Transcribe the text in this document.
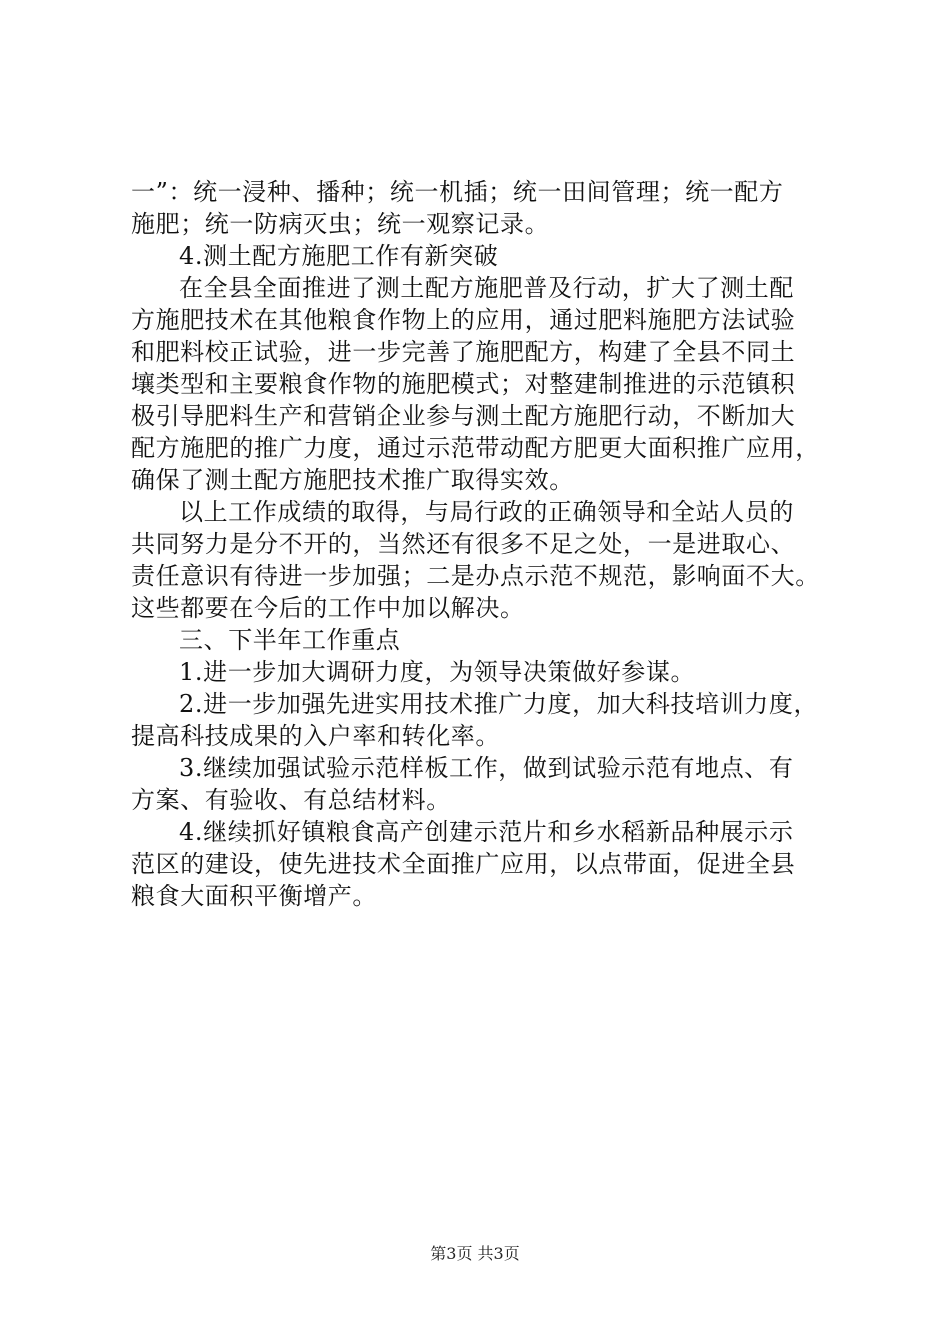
一”：统一浸种、播种；统一机插；统一田间管理；统一配方
施肥；统一防病灭虫；统一观察记录。
4.测土配方施肥工作有新突破
在全县全面推进了测土配方施肥普及行动，扩大了测土配
方施肥技术在其他粮食作物上的应用，通过肥料施肥方法试验
和肥料校正试验，进一步完善了施肥配方，构建了全县不同土
壤类型和主要粮食作物的施肥模式；对整建制推进的示范镇积
极引导肥料生产和营销企业参与测土配方施肥行动，不断加大
配方施肥的推广力度，通过示范带动配方肥更大面积推广应用，
确保了测土配方施肥技术推广取得实效。
以上工作成绩的取得，与局行政的正确领导和全站人员的
共同努力是分不开的，当然还有很多不足之处，一是进取心、
责任意识有待进一步加强；二是办点示范不规范，影响面不大。
这些都要在今后的工作中加以解决。
三、下半年工作重点
1.进一步加大调研力度，为领导决策做好参谋。
2.进一步加强先进实用技术推广力度，加大科技培训力度，
提高科技成果的入户率和转化率。
3.继续加强试验示范样板工作，做到试验示范有地点、有
方案、有验收、有总结材料。
4.继续抓好镇粮食高产创建示范片和乡水稻新品种展示示
范区的建设，使先进技术全面推广应用，以点带面，促进全县
粮食大面积平衡增产。
第3页 共3页
